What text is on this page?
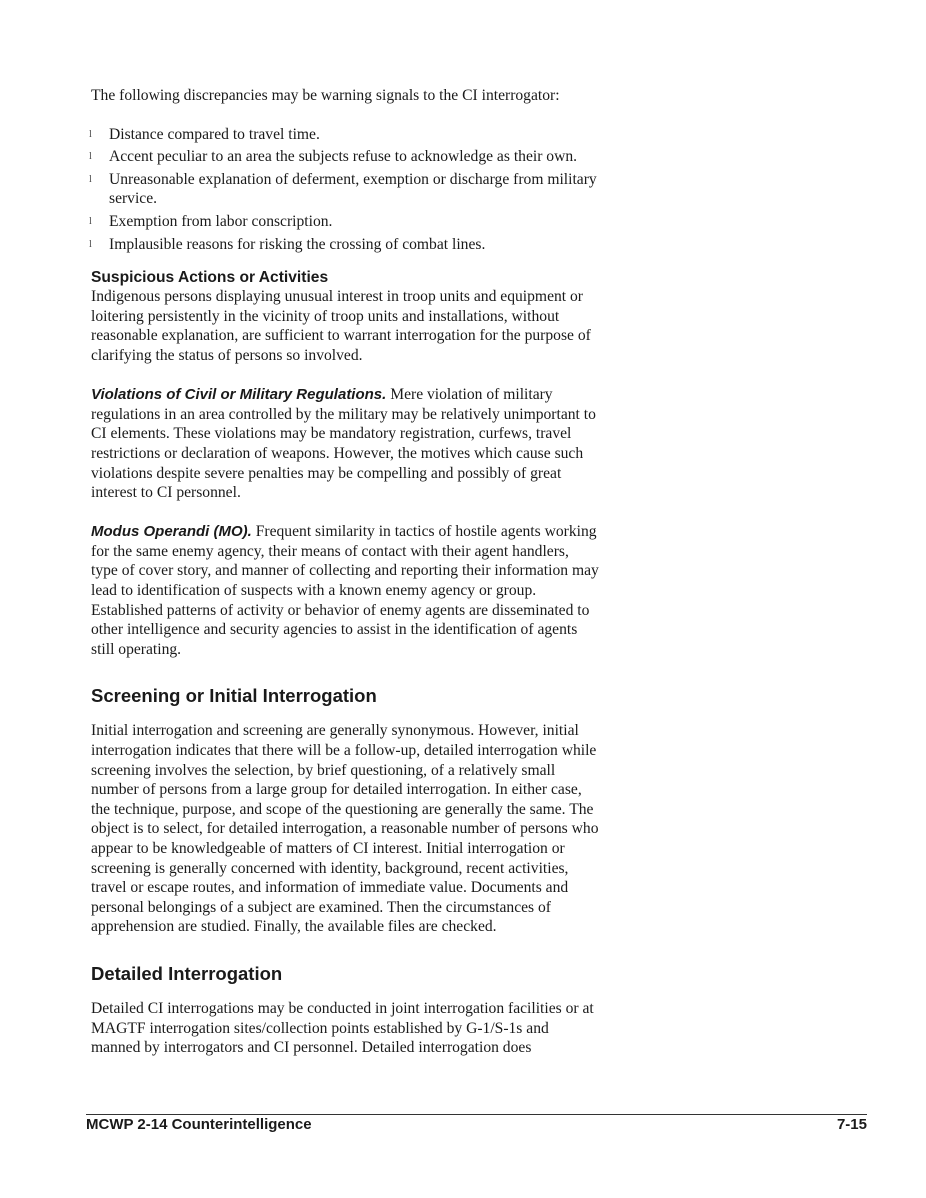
The following discrepancies may be warning signals to the CI interrogator:

l Distance compared to travel time.
l Accent peculiar to an area the subjects refuse to acknowledge as their own.
l Unreasonable explanation of deferment, exemption or discharge from military service.
l Exemption from labor conscription.
l Implausible reasons for risking the crossing of combat lines.
Suspicious Actions or Activities

Indigenous persons displaying unusual interest in troop units and equipment or loitering persistently in the vicinity of troop units and installations, without reasonable explanation, are sufficient to warrant interrogation for the purpose of clarifying the status of persons so involved.

Violations of Civil or Military Regulations. Mere violation of military regulations in an area controlled by the military may be relatively unimportant to CI elements. These violations may be mandatory registration, curfews, travel restrictions or declaration of weapons. However, the motives which cause such violations despite severe penalties may be compelling and possibly of great interest to CI personnel.

Modus Operandi (MO). Frequent similarity in tactics of hostile agents working for the same enemy agency, their means of contact with their agent handlers, type of cover story, and manner of collecting and reporting their information may lead to identification of suspects with a known enemy agency or group. Established patterns of activity or behavior of enemy agents are disseminated to other intelligence and security agencies to assist in the identification of agents still operating.

Screening or Initial Interrogation

Initial interrogation and screening are generally synonymous. However, initial interrogation indicates that there will be a follow-up, detailed interrogation while screening involves the selection, by brief questioning, of a relatively small number of persons from a large group for detailed interrogation. In either case, the technique, purpose, and scope of the questioning are generally the same. The object is to select, for detailed interrogation, a reasonable number of persons who appear to be knowledgeable of matters of CI interest. Initial interrogation or screening is generally concerned with identity, background, recent activities, travel or escape routes, and information of immediate value. Documents and personal belongings of a subject are examined. Then the circumstances of apprehension are studied. Finally, the available files are checked.

Detailed Interrogation

Detailed CI interrogations may be conducted in joint interrogation facilities or at MAGTF interrogation sites/collection points established by G-1/S-1s and manned by interrogators and CI personnel. Detailed interrogation does

MCWP 2-14 Counterintelligence	7-15
